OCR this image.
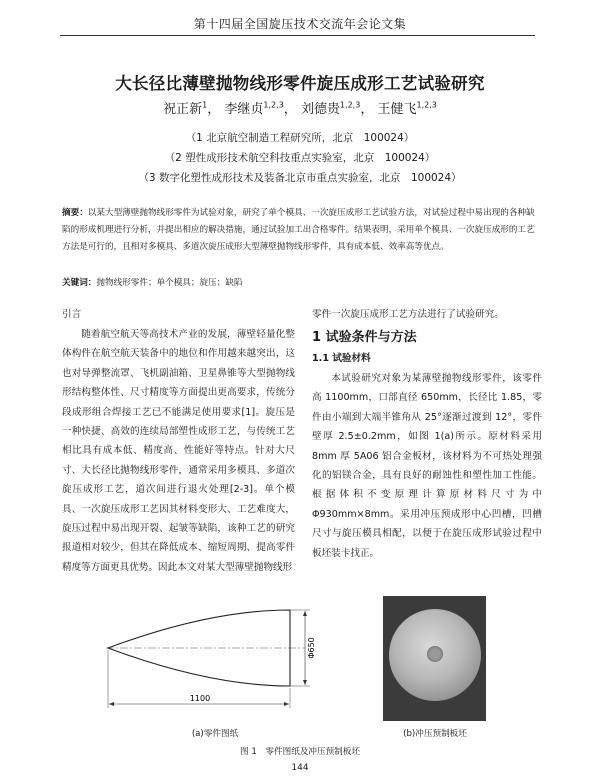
第十四届全国旋压技术交流年会论文集
大长径比薄壁抛物线形零件旋压成形工艺试验研究
祝正新$^1$， 李继贞$^{1,2,3}$， 刘德贵$^{1,2,3}$， 王健飞$^{1,2,3}$
（1 北京航空制造工程研究所，北京　100024）
（2 塑性成形技术航空科技重点实验室，北京　100024）
（3 数字化塑性成形技术及装备北京市重点实验室，北京　100024）
摘要：以某大型薄壁抛物线形零件为试验对象，研究了单个模具、一次旋压成形工艺试验方法，对试验过程中易出现的各种缺陷的形成机理进行分析，并提出相应的解决措施，通过试验加工出合格零件。结果表明，采用单个模具、一次旋压成形的工艺方法是可行的，且相对多模具、多道次旋压成形大型薄壁抛物线形零件，具有成本低、效率高等优点。
关键词：抛物线形零件；单个模具；旋压；缺陷
引言

随着航空航天等高技术产业的发展，薄壁轻量化整体构件在航空航天装备中的地位和作用越来越突出，这也对导弹整流罩、飞机副油箱、卫星鼻锥等大型抛物线形结构整体性、尺寸精度等方面提出更高要求，传统分段成形组合焊接工艺已不能满足使用要求[1]。旋压是一种快捷、高效的连续局部塑性成形工艺，与传统工艺相比具有成本低、精度高、性能好等特点。针对大尺寸、大长径比抛物线形零件，通常采用多模具、多道次旋压成形工艺，道次间进行退火处理[2-3]。单个模具、一次旋压成形工艺因其材料变形大、工艺难度大，旋压过程中易出现开裂、起皱等缺陷，该种工艺的研究报道相对较少，但其在降低成本、缩短周期、提高零件精度等方面更具优势。因此本文对某大型薄壁抛物线形

零件一次旋压成形工艺方法进行了试验研究。

1 试验条件与方法
1.1 试验材料

本试验研究对象为某薄壁抛物线形零件，该零件高 1100mm，口部直径 650mm，长径比 1.85，零件由小端到大端半锥角从 25°逐渐过渡到 12°，零件壁厚 2.5±0.2mm，如图 1(a)所示。原材料采用 8mm 厚 5A06 铝合金板材，该材料为不可热处理强化的铝镁合金，具有良好的耐蚀性和塑性加工性能。根据体积不变原理计算原材料尺寸为中Φ930mm×8mm。采用冲压预成形中心凹槽，凹槽尺寸与旋压模具相配，以便于在旋压成形试验过程中板坯装卡找正。

Φ650
1100
(a)零件图纸	(b)冲压预制板坯
图 1　零件图纸及冲压预制板坯
144
